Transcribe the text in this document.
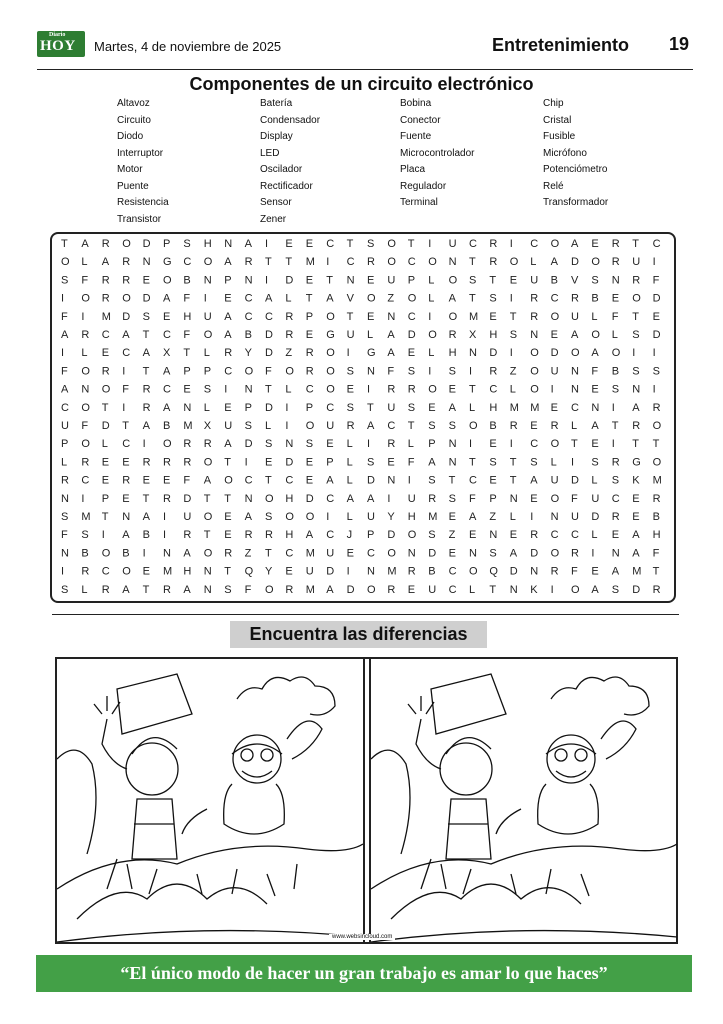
Diario
HOY Martes, 4 de noviembre de 2025	Entretenimiento 19
Componentes de un circuito electrónico
Altavoz	Batería	Bobina	Chip
Circuito	Condensador	Conector	Cristal
Diodo	Display	Fuente	Fusible
Interruptor	LED	Microcontrolador	Micrófono
Motor	Oscilador	Placa	Potenciómetro
Puente	Rectificador	Regulador	Relé
Resistencia	Sensor	Terminal	Transformador
Transistor	Zener
T A R O D P S H N A I E E C T S O T I U C R I C O A E R T C
O L A R N G C O A R T T M I C R O C O N T R O L A D O R U I
S F R R E O B N P N I D E T N E U P L O S T E U B V S N R F
I O R O D A F I E C A L T A V O Z O L A T S I R C R B E O D
F I M D S E H U A C C R P O T E N C I O M E T R O U L F T E
A R C A T C F O A B D R E G U L A D O R X H S N E A O L S D
I L E C A X T L R Y D Z R O I G A E L H N D I O D O A O I I
F O R I T A P P C O F O R O S N F S I S I R Z O U N F B S S
A N O F R C E S I N T L C O E I R R O E T C L O I N E S N I
C O T I R A N L E P D I P C S T U S E A L H M M E C N I A R
U F D T A B M X U S L I O U R A C T S S O B R E R L A T R O
P O L C I O R R A D S N S E L I R L P N I E I C O T E I T T
L R E E R R R O T I E D E P L S E F A N T S T S L I S R G O
R C E R E E F A O C T C E A L D N I S T C E T A U D L S K M
N I P E T R D T T N O H D C A A I U R S F P N E O F U C E R
S M T N A I U O E A S O O I L U Y H M E A Z L I N U D R E B
F S I A B I R T E R R H A C J P D O S Z E N E R C C L E A H
N B O B I N A O R Z T C M U E C O N D E N S A D O R I N A F
I R C O E M H N T Q Y E U D I N M R B C O Q D N R F E A M T
S L R A T R A N S F O R M A D O R E U C L T N K I O A S D R
Encuentra las diferencias
www.websincloud.com
“El único modo de hacer un gran trabajo es amar lo que haces”
